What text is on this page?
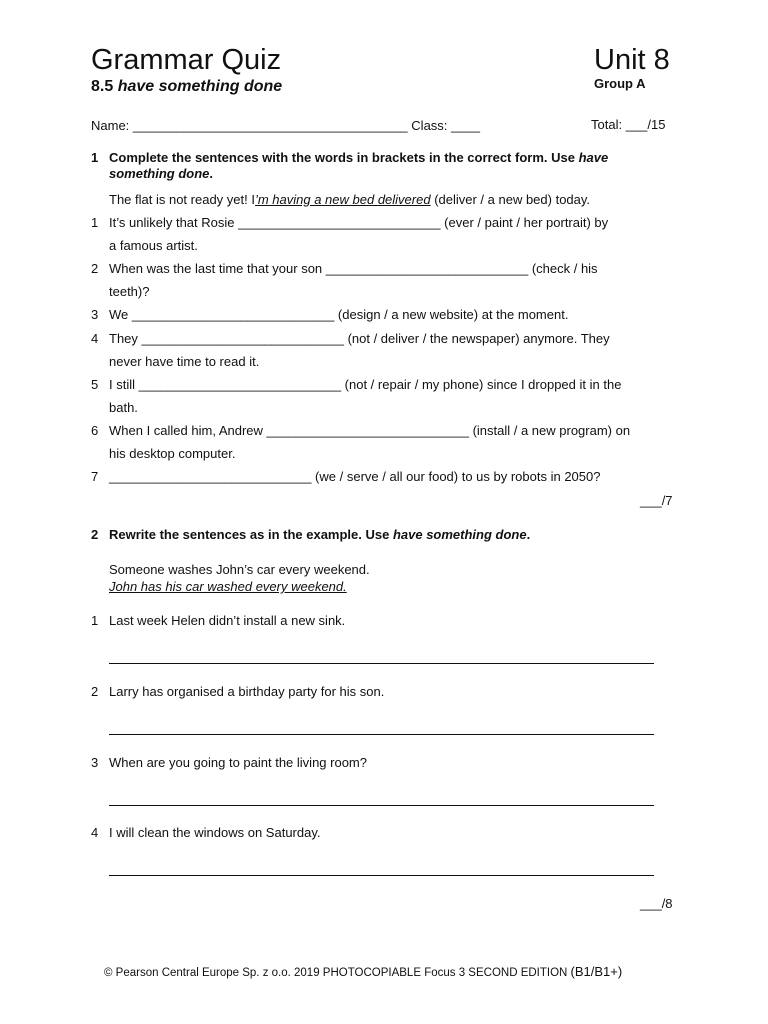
Grammar Quiz	Unit 8
8.5 have something done	Group A
Name: ______________________________________ Class: ____	Total: ___/15
1 Complete the sentences with the words in brackets in the correct form. Use have
something done.
The flat is not ready yet! I’m having a new bed delivered (deliver / a new bed) today.
1 It’s unlikely that Rosie ____________________________ (ever / paint / her portrait) by
a famous artist.
2 When was the last time that your son ____________________________ (check / his
teeth)?
3 We ____________________________ (design / a new website) at the moment.
4 They ____________________________ (not / deliver / the newspaper) anymore. They
never have time to read it.
5 I still ____________________________ (not / repair / my phone) since I dropped it in the
bath.
6 When I called him, Andrew ____________________________ (install / a new program) on
his desktop computer.
7 ____________________________ (we / serve / all our food) to us by robots in 2050?
___/7
2 Rewrite the sentences as in the example. Use have something done.
Someone washes John’s car every weekend.
John has his car washed every weekend.
1 Last week Helen didn’t install a new sink.
2 Larry has organised a birthday party for his son.
3 When are you going to paint the living room?
4 I will clean the windows on Saturday.
___/8
© Pearson Central Europe Sp. z o.o. 2019 PHOTOCOPIABLE Focus 3 SECOND EDITION (B1/B1+)
